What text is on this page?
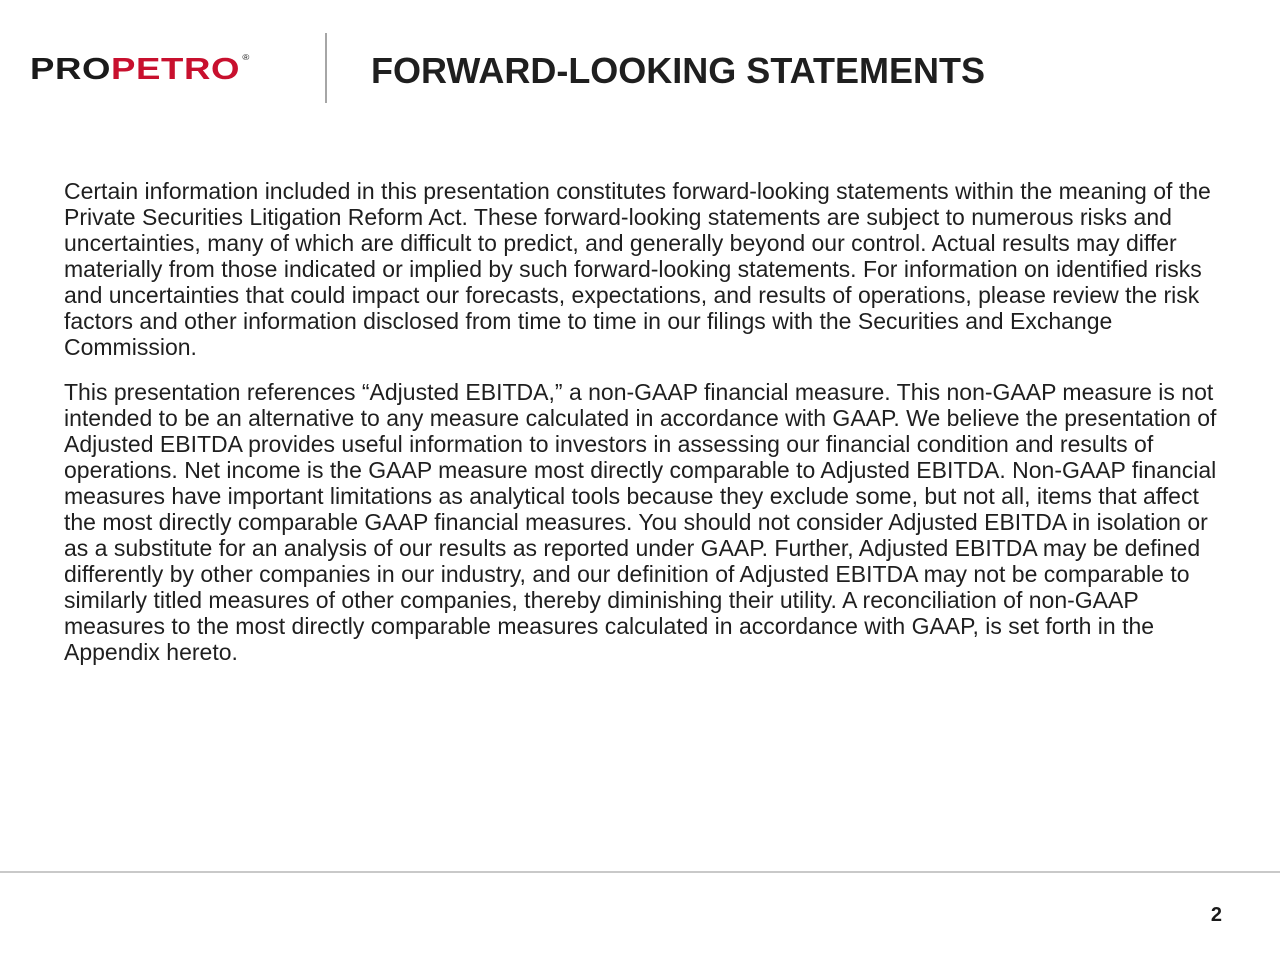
PRO PETRO ®	FORWARD-LOOKING STATEMENTS

Certain information included in this presentation constitutes forward-looking statements within the meaning of the Private Securities Litigation Reform Act. These forward-looking statements are subject to numerous risks and uncertainties, many of which are difficult to predict, and generally beyond our control. Actual results may differ materially from those indicated or implied by such forward-looking statements. For information on identified risks and uncertainties that could impact our forecasts, expectations, and results of operations, please review the risk factors and other information disclosed from time to time in our filings with the Securities and Exchange Commission.

This presentation references “Adjusted EBITDA,” a non-GAAP financial measure. This non-GAAP measure is not intended to be an alternative to any measure calculated in accordance with GAAP. We believe the presentation of Adjusted EBITDA provides useful information to investors in assessing our financial condition and results of operations. Net income is the GAAP measure most directly comparable to Adjusted EBITDA. Non-GAAP financial measures have important limitations as analytical tools because they exclude some, but not all, items that affect the most directly comparable GAAP financial measures. You should not consider Adjusted EBITDA in isolation or as a substitute for an analysis of our results as reported under GAAP. Further, Adjusted EBITDA may be defined differently by other companies in our industry, and our definition of Adjusted EBITDA may not be comparable to similarly titled measures of other companies, thereby diminishing their utility. A reconciliation of non-GAAP measures to the most directly comparable measures calculated in accordance with GAAP, is set forth in the Appendix hereto.

2
